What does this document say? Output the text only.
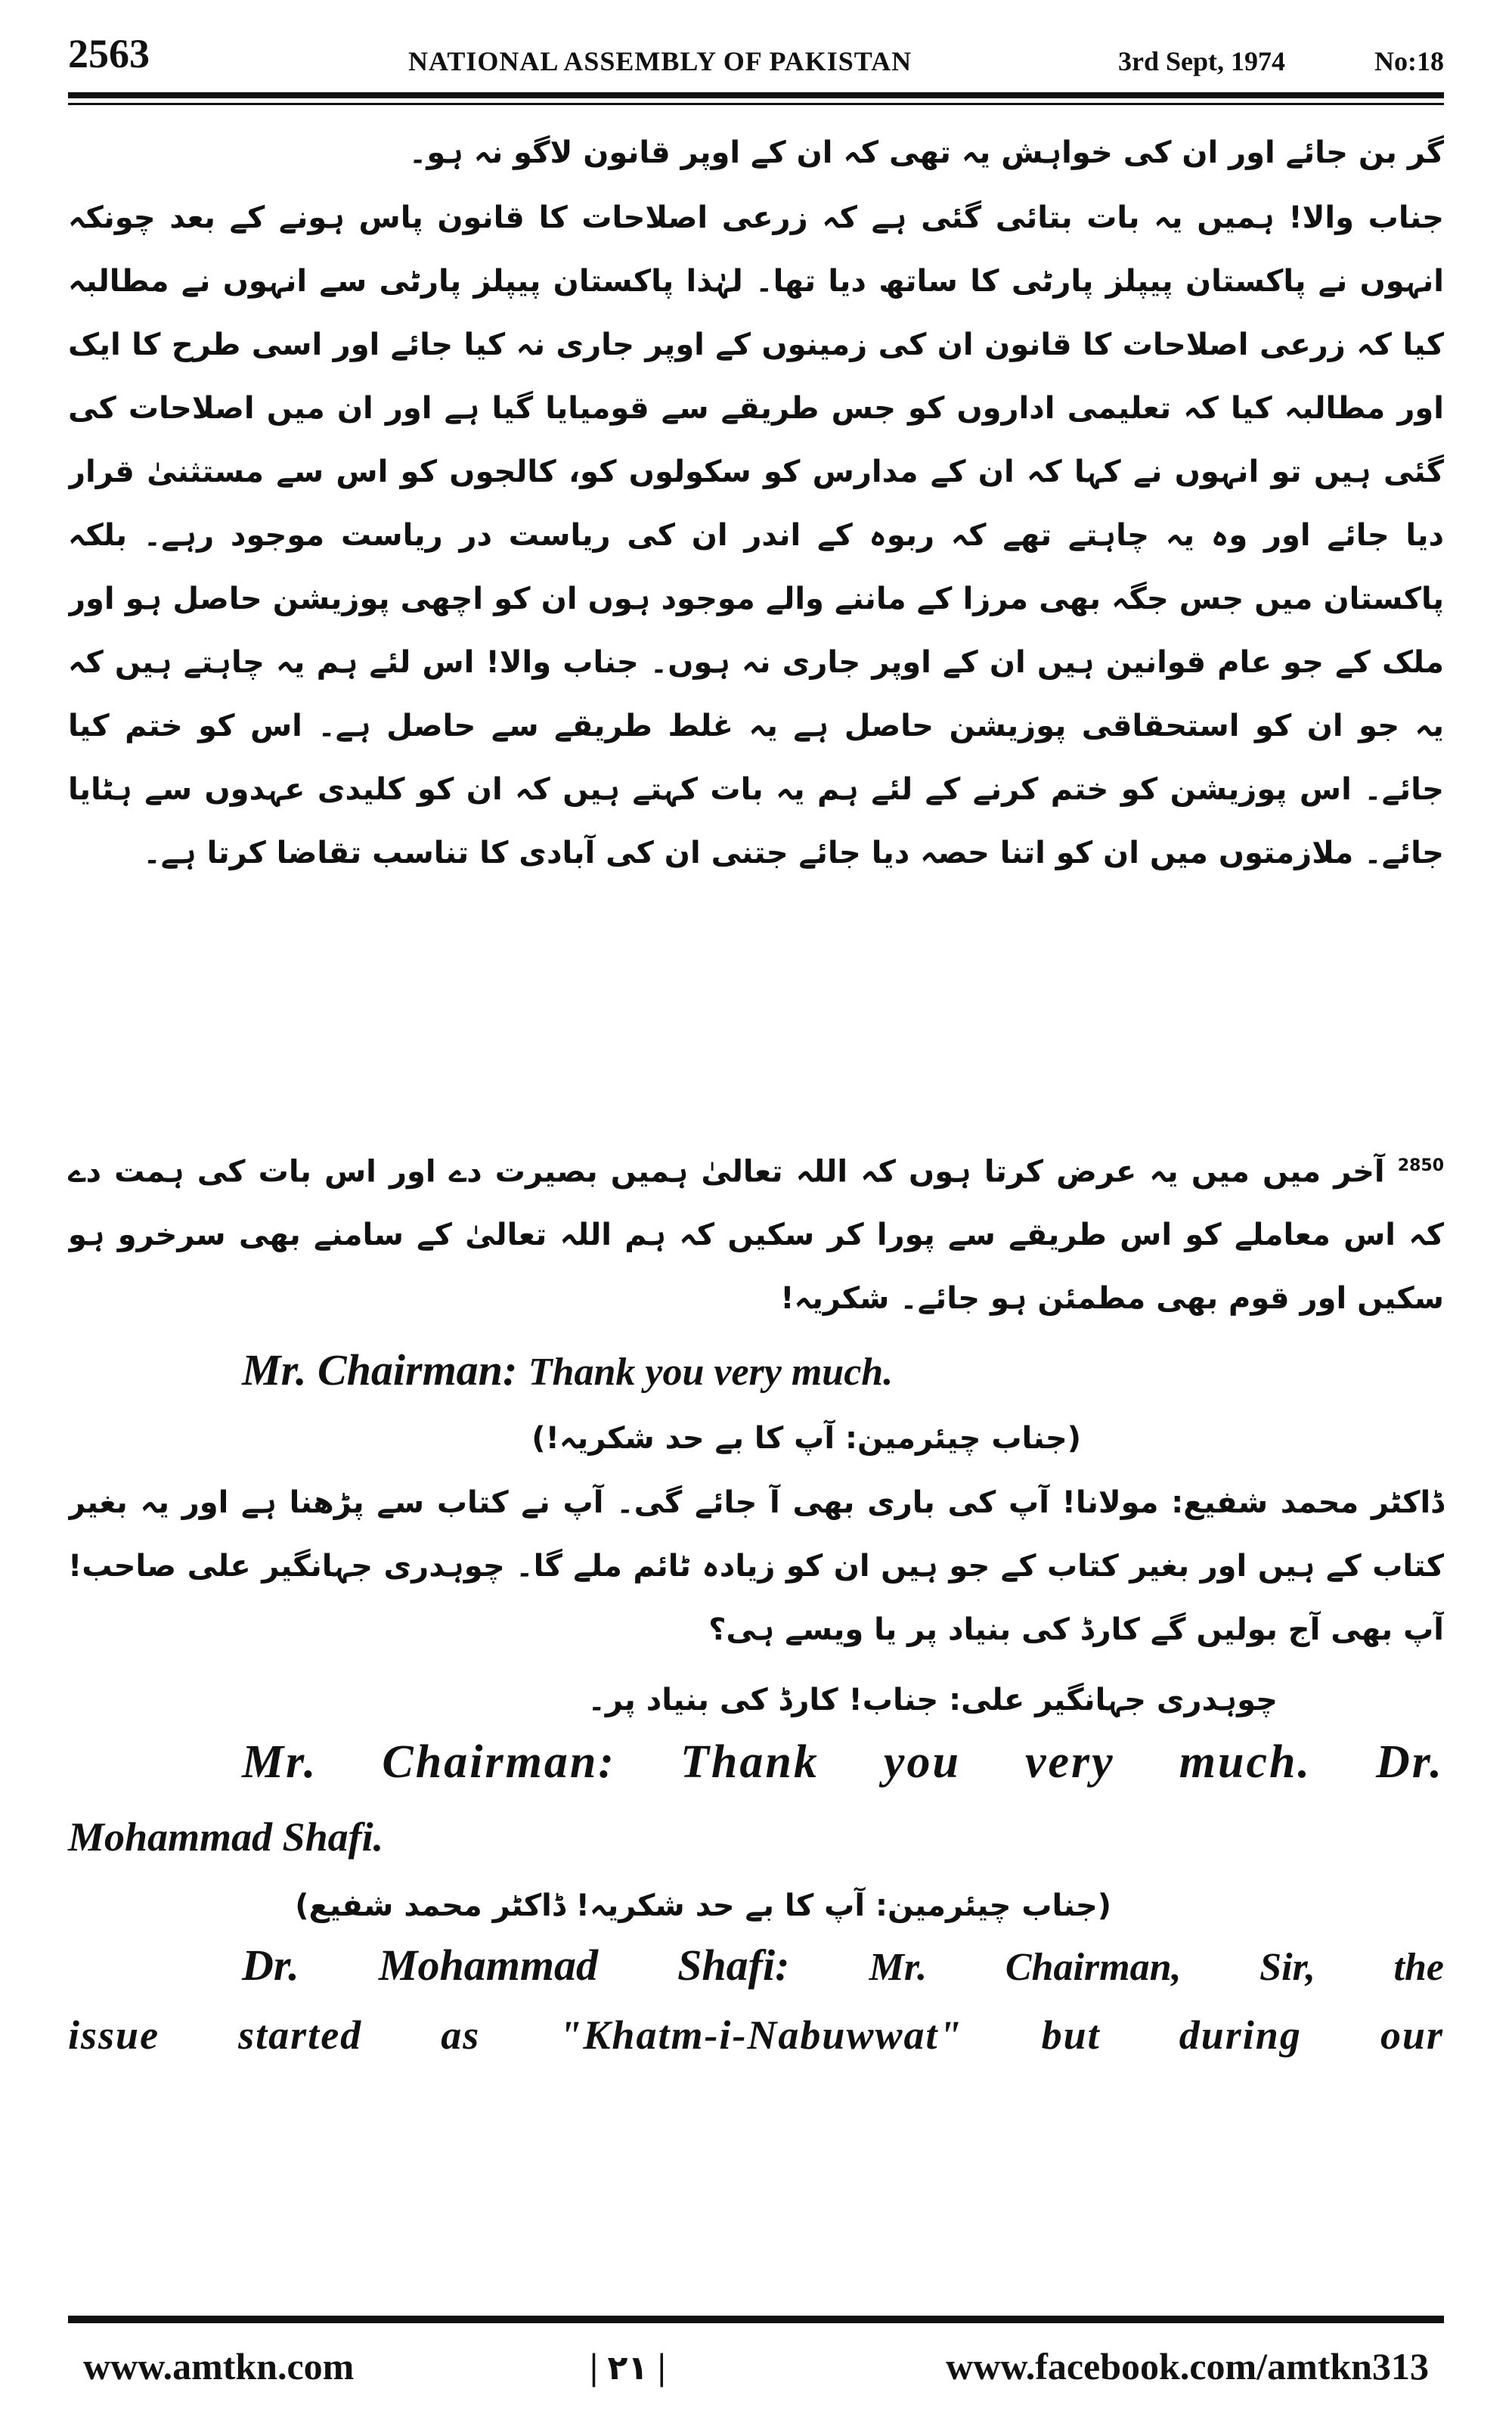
2563	NATIONAL ASSEMBLY OF PAKISTAN	3rd Sept, 1974	No:18
گر بن جائے اور ان کی خواہش یہ تھی کہ ان کے اوپر قانون لاگو نہ ہو۔
جناب والا! ہمیں یہ بات بتائی گئی ہے کہ زرعی اصلاحات کا قانون پاس ہونے کے بعد چونکہ انہوں نے پاکستان پیپلز پارٹی کا ساتھ دیا تھا۔ لہٰذا پاکستان پیپلز پارٹی سے انہوں نے مطالبہ کیا کہ زرعی اصلاحات کا قانون ان کی زمینوں کے اوپر جاری نہ کیا جائے اور اسی طرح کا ایک اور مطالبہ کیا کہ تعلیمی اداروں کو جس طریقے سے قومیایا گیا ہے اور ان میں اصلاحات کی گئی ہیں تو انہوں نے کہا کہ ان کے مدارس کو سکولوں کو، کالجوں کو اس سے مستثنیٰ قرار دیا جائے اور وہ یہ چاہتے تھے کہ ربوہ کے اندر ان کی ریاست در ریاست موجود رہے۔ بلکہ پاکستان میں جس جگہ بھی مرزا کے ماننے والے موجود ہوں ان کو اچھی پوزیشن حاصل ہو اور ملک کے جو عام قوانین ہیں ان کے اوپر جاری نہ ہوں۔ جناب والا! اس لئے ہم یہ چاہتے ہیں کہ یہ جو ان کو استحقاقی پوزیشن حاصل ہے یہ غلط طریقے سے حاصل ہے۔ اس کو ختم کیا جائے۔ اس پوزیشن کو ختم کرنے کے لئے ہم یہ بات کہتے ہیں کہ ان کو کلیدی عہدوں سے ہٹایا جائے۔ ملازمتوں میں ان کو اتنا حصہ دیا جائے جتنی ان کی آبادی کا تناسب تقاضا کرتا ہے۔
$^{2850}$ آخر میں میں یہ عرض کرتا ہوں کہ اللہ تعالیٰ ہمیں بصیرت دے اور اس بات کی ہمت دے کہ اس معاملے کو اس طریقے سے پورا کر سکیں کہ ہم اللہ تعالیٰ کے سامنے بھی سرخرو ہو سکیں اور قوم بھی مطمئن ہو جائے۔ شکریہ!
Mr. Chairman: Thank you very much.
(جناب چیئرمین: آپ کا بے حد شکریہ!)
ڈاکٹر محمد شفیع: مولانا! آپ کی باری بھی آ جائے گی۔ آپ نے کتاب سے پڑھنا ہے اور یہ بغیر کتاب کے ہیں اور بغیر کتاب کے جو ہیں ان کو زیادہ ٹائم ملے گا۔ چوہدری جہانگیر علی صاحب! آپ بھی آج بولیں گے کارڈ کی بنیاد پر یا ویسے ہی؟
چوہدری جہانگیر علی: جناب! کارڈ کی بنیاد پر۔
Mr. Chairman: Thank you very much. Dr.
Mohammad Shafi.
(جناب چیئرمین: آپ کا بے حد شکریہ! ڈاکٹر محمد شفیع)
Dr. Mohammad Shafi: Mr. Chairman, Sir, the
issue started as "Khatm-i-Nabuwwat" but during our
www.amtkn.com	| ۲۱ |	www.facebook.com/amtkn313
